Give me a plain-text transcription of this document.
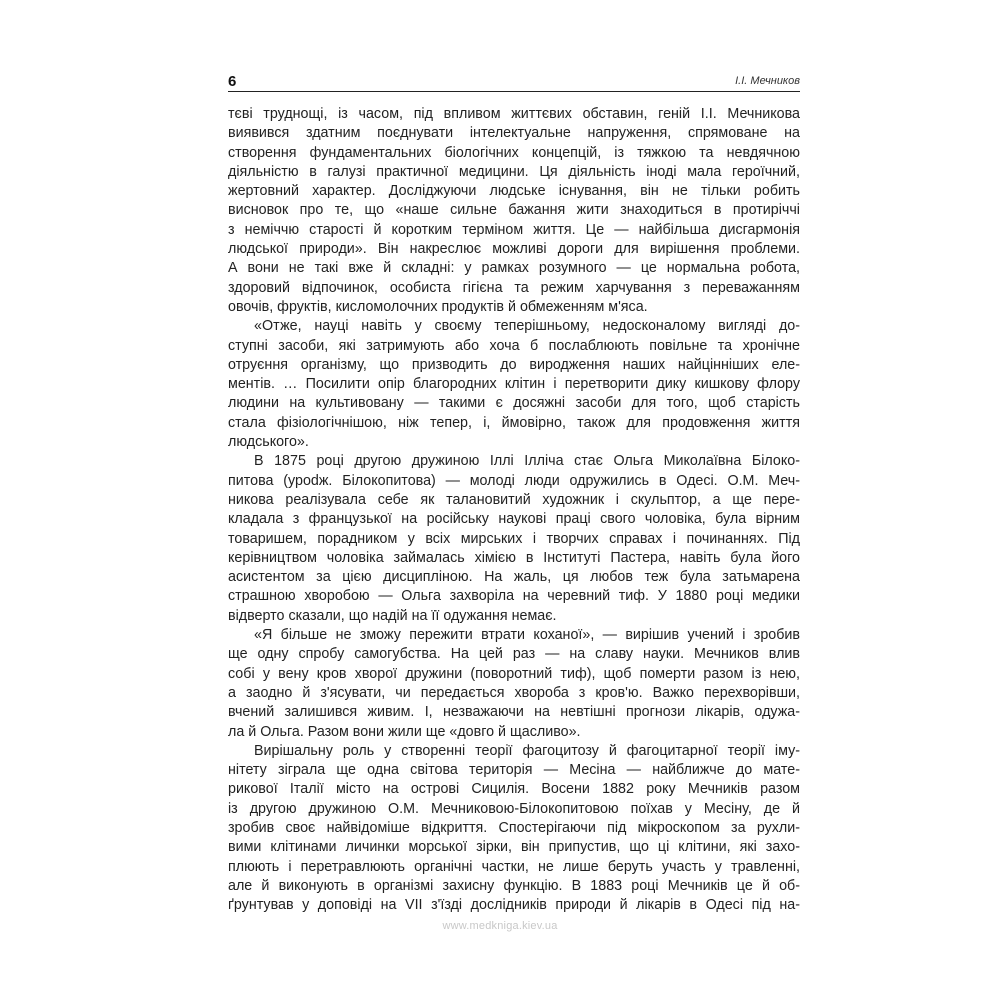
6	І.І. Мечников
тєві труднощі, із часом, під впливом життєвих обставин, геній І.І. Мечникова
виявився здатним поєднувати інтелектуальне напруження, спрямоване на
створення фундаментальних біологічних концепцій, із тяжкою та невдячною
діяльністю в галузі практичної медицини. Ця діяльність іноді мала героїчний,
жертовний характер. Досліджуючи людське існування, він не тільки робить
висновок про те, що «наше сильне бажання жити знаходиться в протиріччі
з неміччю старості й коротким терміном життя. Це — найбільша дисгармонія
людської природи». Він накреслює можливі дороги для вирішення проблеми.
А вони не такі вже й складні: у рамках розумного — це нормальна робота,
здоровий відпочинок, особиста гігієна та режим харчування з переважанням
овочів, фруктів, кисломолочних продуктів й обмеженням м'яса.
«Отже, науці навіть у своєму теперішньому, недосконалому вигляді до-
ступні засоби, які затримують або хоча б послаблюють повільне та хронічне
отруєння організму, що призводить до виродження наших найцінніших еле-
ментів. … Посилити опір благородних клітин і перетворити дику кишкову флору
людини на культивовану — такими є досяжні засоби для того, щоб старість
стала фізіологічнішою, ніж тепер, і, ймовірно, також для продовження життя
людського».
В 1875 році другою дружиною Іллі Ілліча стає Ольга Миколаївна Білоко-
питова (урodж. Білокопитова) — молоді люди одружились в Одесі. О.М. Меч-
никова реалізувала себе як талановитий художник і скульптор, а ще пере-
кладала з французької на російську наукові праці свого чоловіка, була вірним
товаришем, порадником у всіх мирських і творчих справах і починаннях. Під
керівництвом чоловіка займалась хімією в Інституті Пастера, навіть була його
асистентом за цією дисципліною. На жаль, ця любов теж була затьмарена
страшною хворобою — Ольга захворіла на черевний тиф. У 1880 році медики
відверто сказали, що надій на її одужання немає.
«Я більше не зможу пережити втрати коханої», — вирішив учений і зробив
ще одну спробу самогубства. На цей раз — на славу науки. Мечников влив
собі у вену кров хворої дружини (поворотний тиф), щоб померти разом із нею,
а заодно й з'ясувати, чи передається хвороба з кров'ю. Важко перехворівши,
вчений залишився живим. І, незважаючи на невтішні прогнози лікарів, одужа-
ла й Ольга. Разом вони жили ще «довго й щасливо».
Вирішальну роль у створенні теорії фагоцитозу й фагоцитарної теорії іму-
нітету зіграла ще одна світова територія — Месіна — найближче до мате-
рикової Італії місто на острові Сицилія. Восени 1882 року Мечників разом
із другою дружиною О.М. Мечниковою-Білокопитовою поїхав у Месіну, де й
зробив своє найвідоміше відкриття. Спостерігаючи під мікроскопом за рухли-
вими клітинами личинки морської зірки, він припустив, що ці клітини, які захо-
плюють і перетравлюють органічні частки, не лише беруть участь у травленні,
але й виконують в організмі захисну функцію. В 1883 році Мечників це й об-
ґрунтував у доповіді на VII з'їзді дослідників природи й лікарів в Одесі під на-
www.medkniga.kiev.ua
